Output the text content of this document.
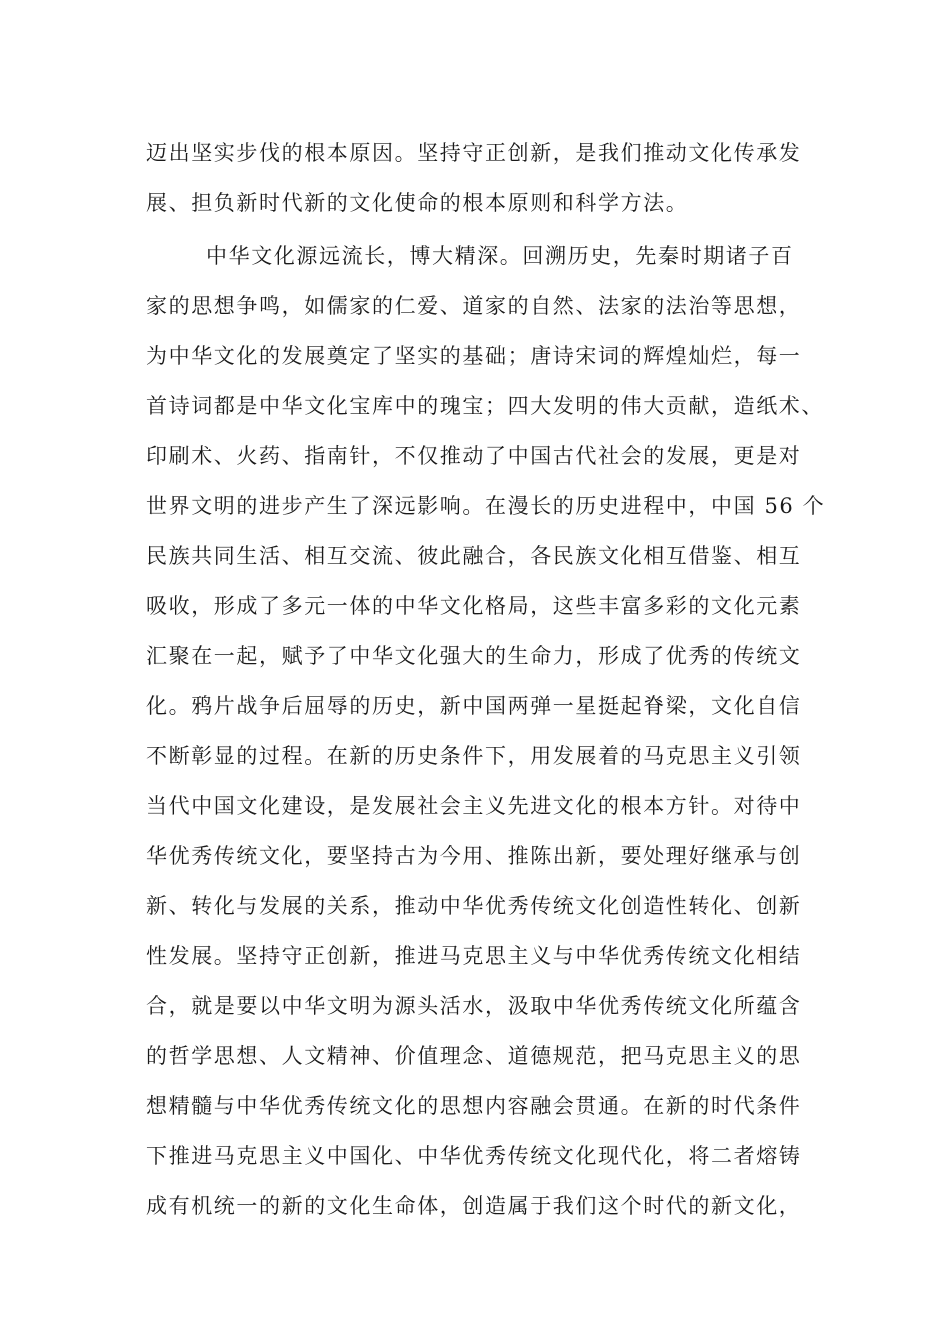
迈出坚实步伐的根本原因。坚持守正创新，是我们推动文化传承发
展、担负新时代新的文化使命的根本原则和科学方法。
中华文化源远流长，博大精深。回溯历史，先秦时期诸子百
家的思想争鸣，如儒家的仁爱、道家的自然、法家的法治等思想，
为中华文化的发展奠定了坚实的基础；唐诗宋词的辉煌灿烂，每一
首诗词都是中华文化宝库中的瑰宝；四大发明的伟大贡献，造纸术、
印刷术、火药、指南针，不仅推动了中国古代社会的发展，更是对
世界文明的进步产生了深远影响。在漫长的历史进程中，中国 56 个
民族共同生活、相互交流、彼此融合，各民族文化相互借鉴、相互
吸收，形成了多元一体的中华文化格局，这些丰富多彩的文化元素
汇聚在一起，赋予了中华文化强大的生命力，形成了优秀的传统文
化。鸦片战争后屈辱的历史，新中国两弹一星挺起脊梁，文化自信
不断彰显的过程。在新的历史条件下，用发展着的马克思主义引领
当代中国文化建设，是发展社会主义先进文化的根本方针。对待中
华优秀传统文化，要坚持古为今用、推陈出新，要处理好继承与创
新、转化与发展的关系，推动中华优秀传统文化创造性转化、创新
性发展。坚持守正创新，推进马克思主义与中华优秀传统文化相结
合，就是要以中华文明为源头活水，汲取中华优秀传统文化所蕴含
的哲学思想、人文精神、价值理念、道德规范，把马克思主义的思
想精髓与中华优秀传统文化的思想内容融会贯通。在新的时代条件
下推进马克思主义中国化、中华优秀传统文化现代化，将二者熔铸
成有机统一的新的文化生命体，创造属于我们这个时代的新文化，
